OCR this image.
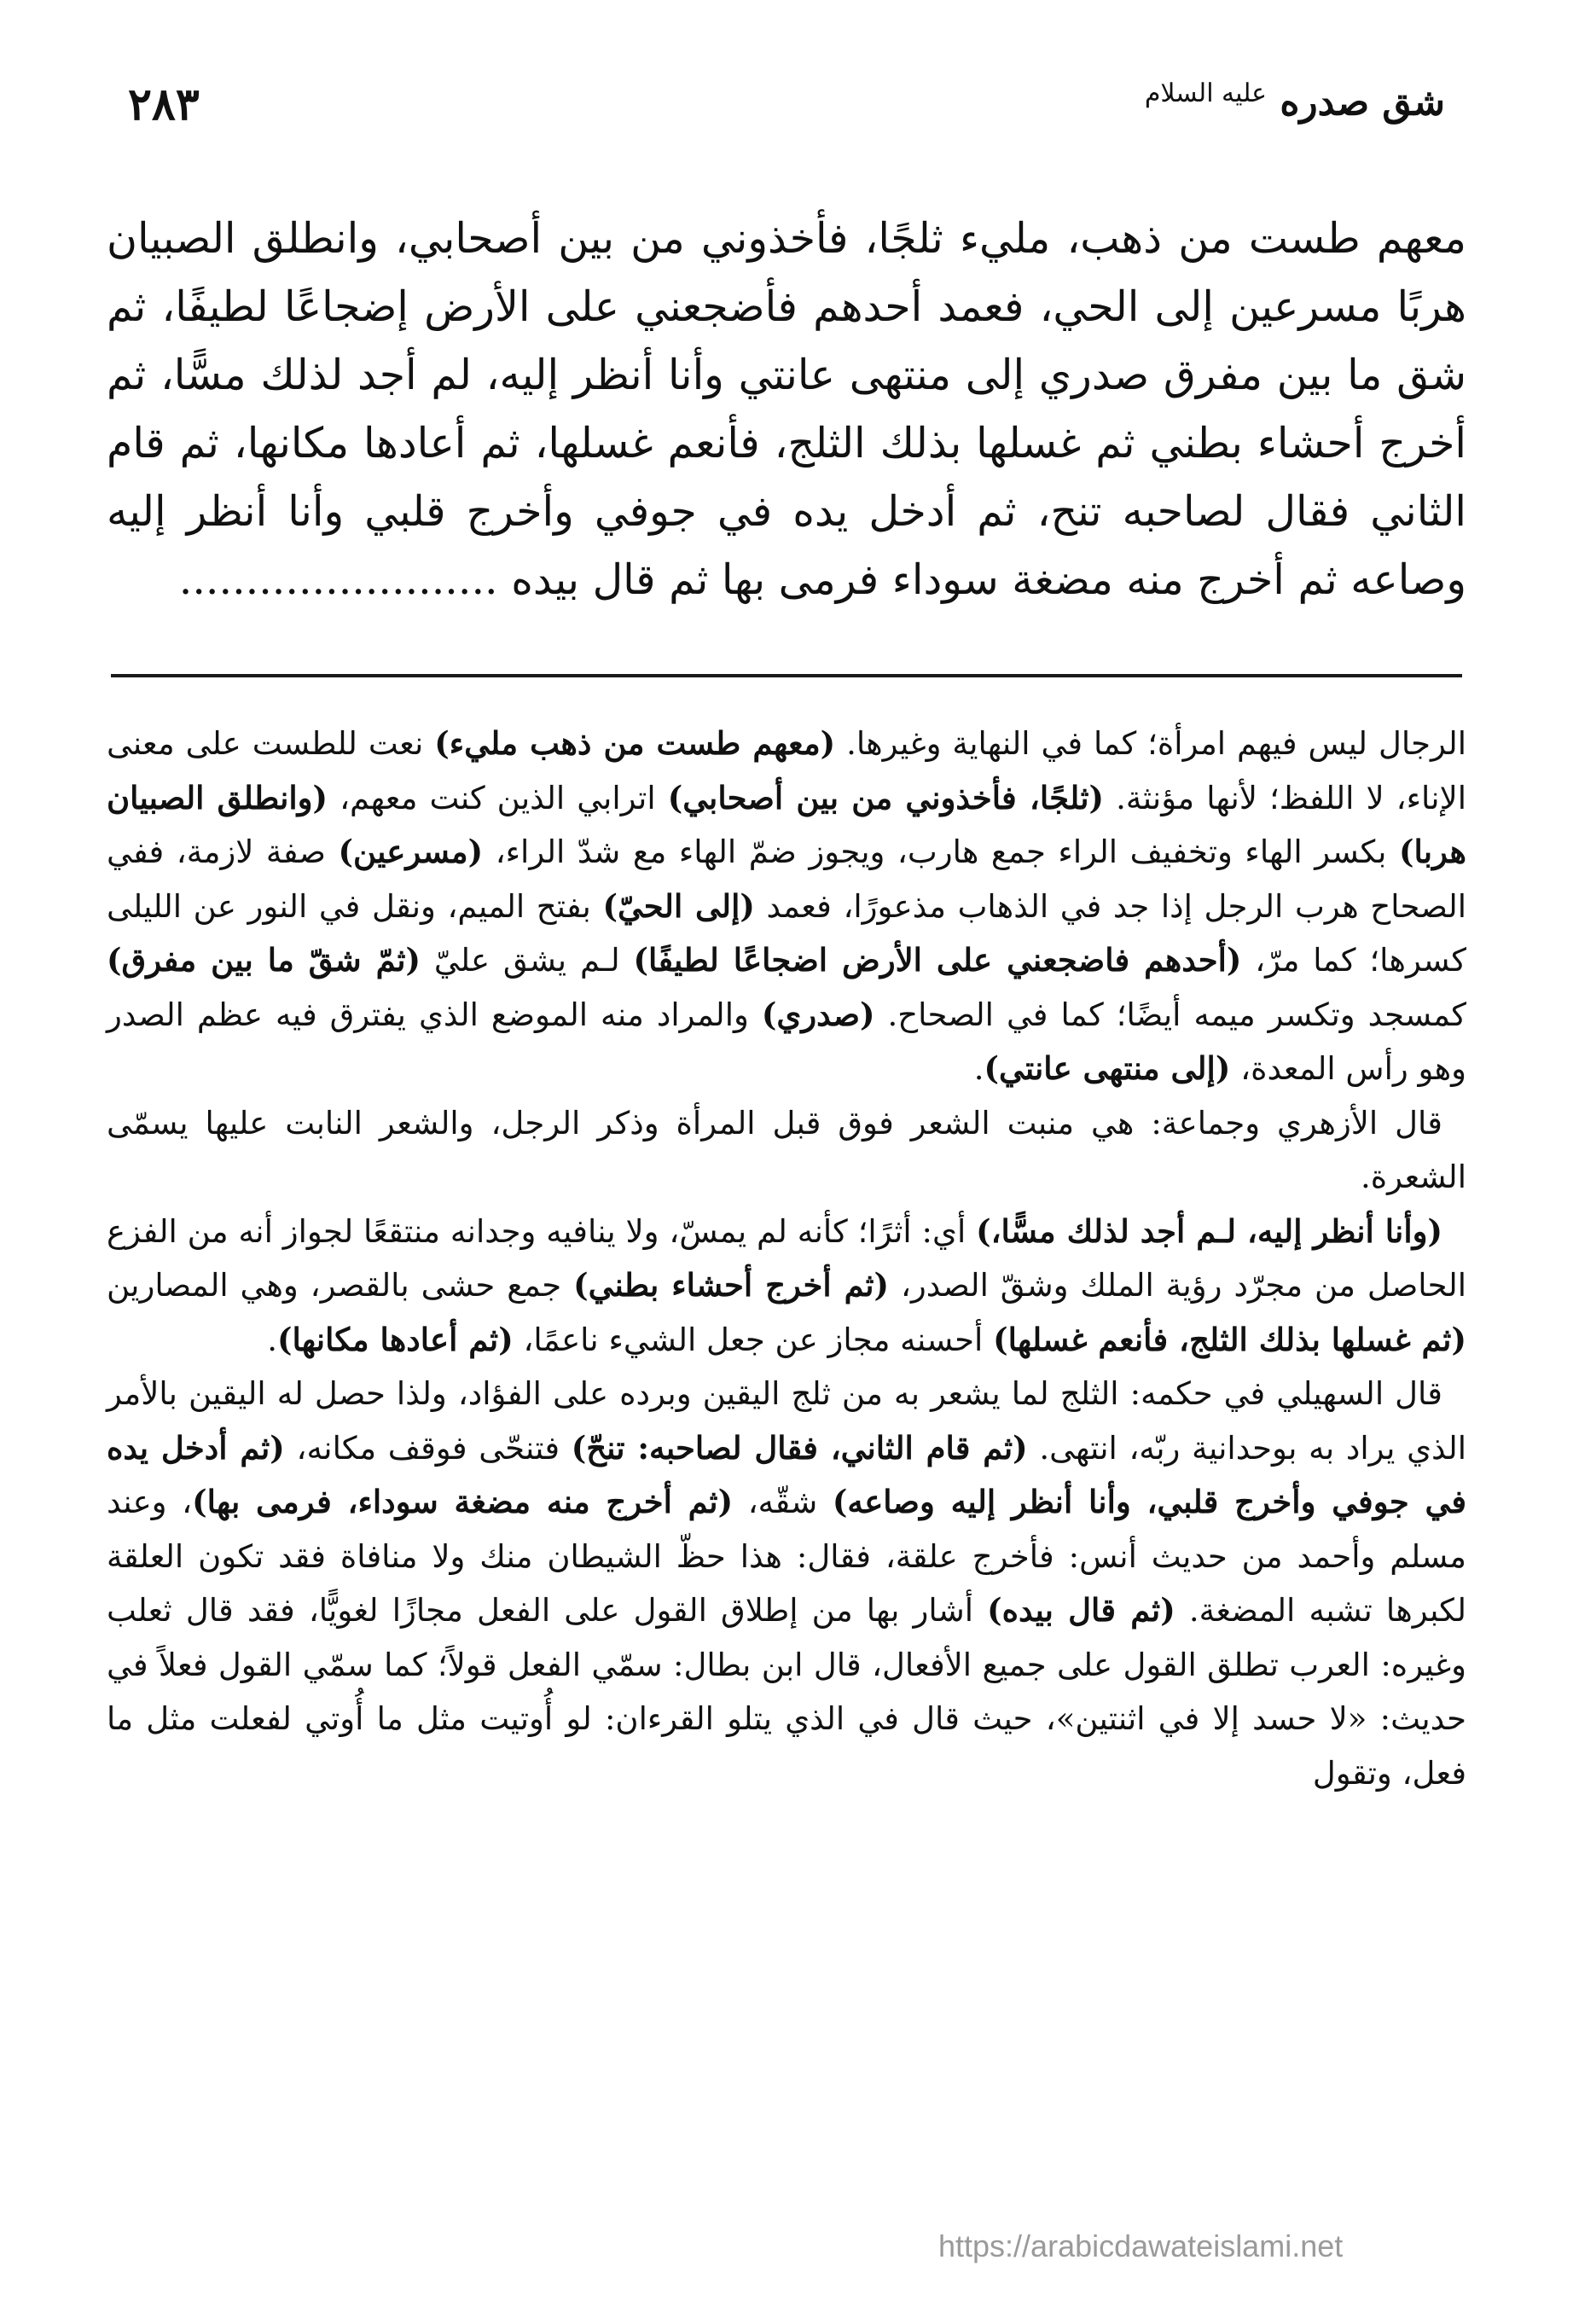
٢٨٣	شق صدره $^{عليه السلام}$
معهم طست من ذهب، مليء ثلجًا، فأخذوني من بين أصحابي، وانطلق الصبيان هربًا مسرعين إلى الحي، فعمد أحدهم فأضجعني على الأرض إضجاعًا لطيفًا، ثم شق ما بين مفرق صدري إلى منتهى عانتي وأنا أنظر إليه، لم أجد لذلك مسًّا، ثم أخرج أحشاء بطني ثم غسلها بذلك الثلج، فأنعم غسلها، ثم أعادها مكانها، ثم قام الثاني فقال لصاحبه تنح، ثم أدخل يده في جوفي وأخرج قلبي وأنا أنظر إليه وصاعه ثم أخرج منه مضغة سوداء فرمى بها ثم قال بيده ........................

الرجال ليس فيهم امرأة؛ كما في النهاية وغيرها. (معهم طست من ذهب مليء) نعت للطست على معنى الإناء، لا اللفظ؛ لأنها مؤنثة. (ثلجًا، فأخذوني من بين أصحابي) اترابي الذين كنت معهم، (وانطلق الصبيان هربا) بكسر الهاء وتخفيف الراء جمع هارب، ويجوز ضمّ الهاء مع شدّ الراء، (مسرعين) صفة لازمة، ففي الصحاح هرب الرجل إذا جد في الذهاب مذعورًا، فعمد (إلى الحيّ) بفتح الميم، ونقل في النور عن الليلى كسرها؛ كما مرّ، (أحدهم فاضجعني على الأرض اضجاعًا لطيفًا) لـم يشق عليّ (ثمّ شقّ ما بين مفرق) كمسجد وتكسر ميمه أيضًا؛ كما في الصحاح. (صدري) والمراد منه الموضع الذي يفترق فيه عظم الصدر وهو رأس المعدة، (إلى منتهى عانتي).

قال الأزهري وجماعة: هي منبت الشعر فوق قبل المرأة وذكر الرجل، والشعر النابت عليها يسمّى الشعرة.

(وأنا أنظر إليه، لـم أجد لذلك مسًّا،) أي: أثرًا؛ كأنه لم يمسّ، ولا ينافيه وجدانه منتقعًا لجواز أنه من الفزع الحاصل من مجرّد رؤية الملك وشقّ الصدر، (ثم أخرج أحشاء بطني) جمع حشى بالقصر، وهي المصارين (ثم غسلها بذلك الثلج، فأنعم غسلها) أحسنه مجاز عن جعل الشيء ناعمًا، (ثم أعادها مكانها).

قال السهيلي في حكمه: الثلج لما يشعر به من ثلج اليقين وبرده على الفؤاد، ولذا حصل له اليقين بالأمر الذي يراد به بوحدانية ربّه، انتهى. (ثم قام الثاني، فقال لصاحبه: تنحّ) فتنحّى فوقف مكانه، (ثم أدخل يده في جوفي وأخرج قلبي، وأنا أنظر إليه وصاعه) شقّه، (ثم أخرج منه مضغة سوداء، فرمى بها)، وعند مسلم وأحمد من حديث أنس: فأخرج علقة، فقال: هذا حظّ الشيطان منك ولا منافاة فقد تكون العلقة لكبرها تشبه المضغة. (ثم قال بيده) أشار بها من إطلاق القول على الفعل مجازًا لغويًّا، فقد قال ثعلب وغيره: العرب تطلق القول على جميع الأفعال، قال ابن بطال: سمّي الفعل قولاً؛ كما سمّي القول فعلاً في حديث: «لا حسد إلا في اثنتين»، حيث قال في الذي يتلو القرءان: لو أُوتيت مثل ما أُوتي لفعلت مثل ما فعل، وتقول

https://arabicdawateislami.net
